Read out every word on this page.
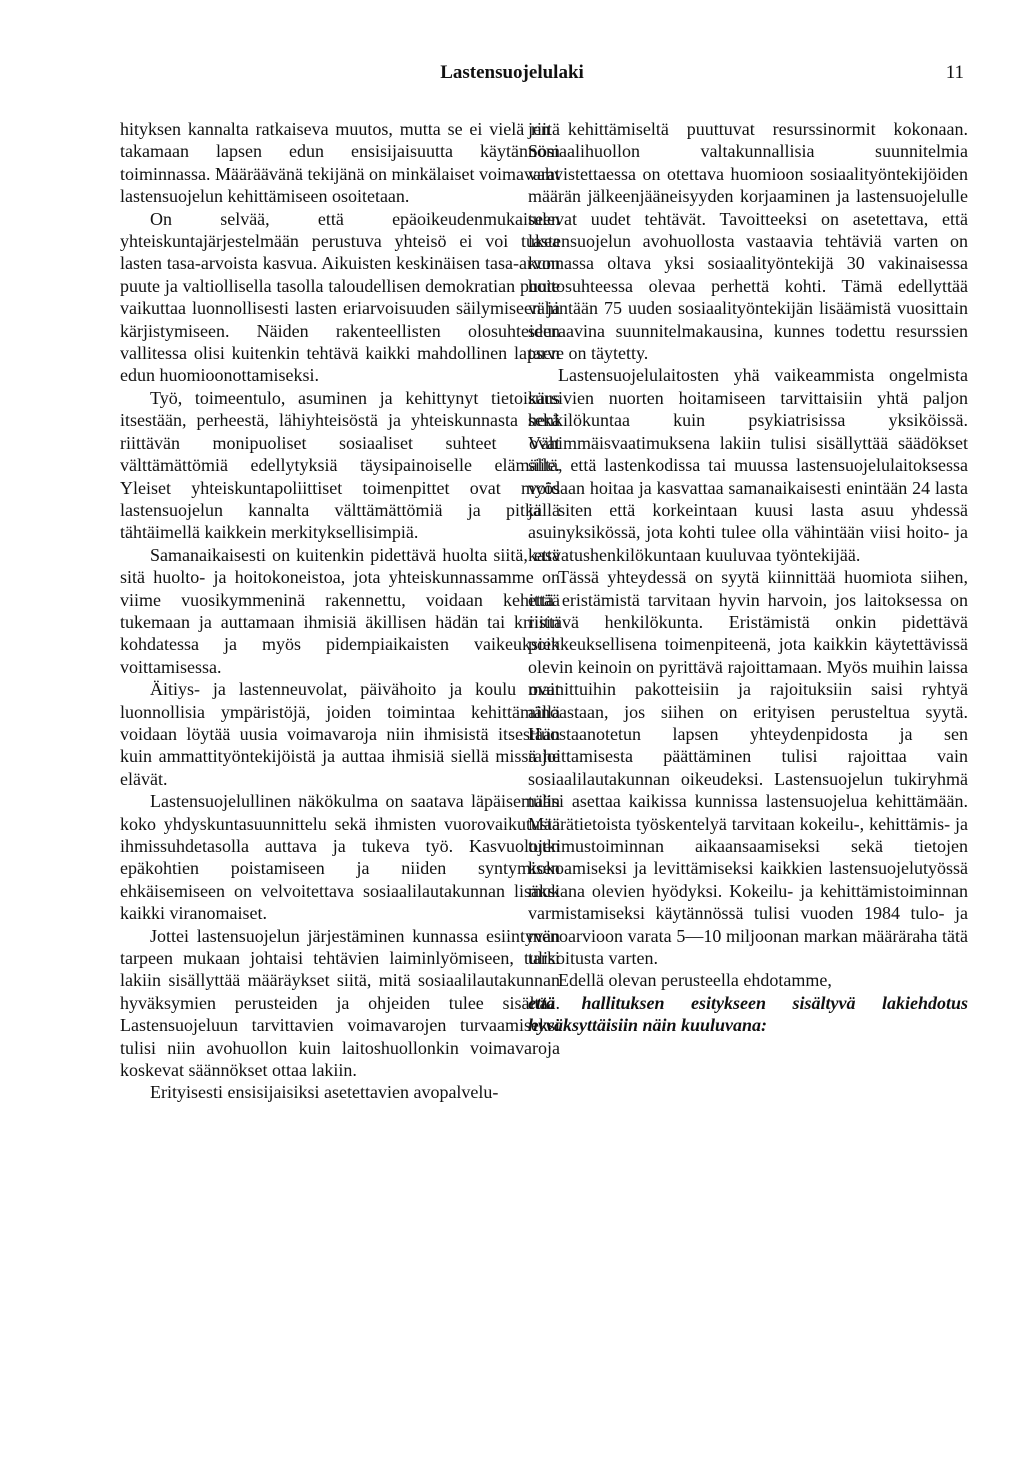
Lastensuojelulaki	11

hityksen kannalta ratkaiseva muutos, mutta se ei vielä riitä takamaan lapsen edun ensisijaisuutta käytännöm toiminnassa. Määräävänä tekijänä on minkälaiset voimavarat lastensuojelun kehittämiseen osoitetaan.

On selvää, että epäoikeudenmukaiseen yhteiskuntajärjestelmään perustuva yhteisö ei voi tukea lasten tasa-arvoista kasvua. Aikuisten keskinäisen tasa-arvon puute ja valtiollisella tasolla taloudellisen demokratian puute vaikuttaa luonnollisesti lasten eriarvoisuuden säilymiseen ja kärjistymiseen. Näiden rakenteellisten olosuhteiden vallitessa olisi kuitenkin tehtävä kaikki mahdollinen lapsen edun huomioonottamiseksi.

Työ, toimeentulo, asuminen ja kehittynyt tietoisuus itsestään, perheestä, lähiyhteisöstä ja yhteiskunnasta sekä riittävän monipuoliset sosiaaliset suhteet ovat välttämättömiä edellytyksiä täysipainoiselle elämälle. Yleiset yhteiskuntapoliittiset toimenpittet ovat myös lastensuojelun kannalta välttämättömiä ja pitkällä tähtäimellä kaikkein merkityksellisimpiä.

Samanaikaisesti on kuitenkin pidettävä huolta siitä, että sitä huolto- ja hoitokoneistoa, jota yhteiskunnassamme on viime vuosikymmeninä rakennettu, voidaan kehittää tukemaan ja auttamaan ihmisiä äkillisen hädän tai kriisin kohdatessa ja myös pidempiaikaisten vaikeuksien voittamisessa.

Äitiys- ja lastenneuvolat, päivähoito ja koulu ovat luonnollisia ympäristöjä, joiden toimintaa kehittämällä voidaan löytää uusia voimavaroja niin ihmisistä itsestään kuin ammattityöntekijöistä ja auttaa ihmisiä siellä missä he elävät.

Lastensuojelullinen näkökulma on saatava läpäisemään koko yhdyskuntasuunnittelu sekä ihmisten vuorovaikutusta ihmissuhdetasolla auttava ja tukeva työ. Kasvuolojen epäkohtien poistamiseen ja niiden syntymisen ehkäisemiseen on velvoitettava sosiaalilautakunnan lisäksi kaikki viranomaiset.

Jottei lastensuojelun järjestäminen kunnassa esiintyvän tarpeen mukaan johtaisi tehtävien laiminlyömiseen, tulisi lakiin sisällyttää määräykset siitä, mitä sosiaalilautakunnan hyväksymien perusteiden ja ohjeiden tulee sisältää. Lastensuojeluun tarvittavien voimavarojen turvaamiseksi tulisi niin avohuollon kuin laitoshuollonkin voimavaroja koskevat säännökset ottaa lakiin.

Erityisesti ensisijaisiksi asetettavien avopalvelu-

jen kehittämiseltä puuttuvat resurssinormit kokonaan. Sosiaalihuollon valtakunnallisia suunnitelmia vahvistettaessa on otettava huomioon sosiaalityöntekijöiden määrän jälkeenjääneisyyden korjaaminen ja lastensuojelulle tulevat uudet tehtävät. Tavoitteeksi on asetettava, että lastensuojelun avohuollosta vastaavia tehtäviä varten on kunnassa oltava yksi sosiaalityöntekijä 30 vakinaisessa hoitosuhteessa olevaa perhettä kohti. Tämä edellyttää vähintään 75 uuden sosiaalityöntekijän lisäämistä vuosittain seuraavina suunnitelmakausina, kunnes todettu resurssien tarve on täytetty.

Lastensuojelulaitosten yhä vaikeammista ongelmista kärsivien nuorten hoitamiseen tarvittaisiin yhtä paljon henkilökuntaa kuin psykiatrisissa yksiköissä. Vähimmäisvaatimuksena lakiin tulisi sisällyttää säädökset siitä, että lastenkodissa tai muussa lastensuojelulaitoksessa voidaan hoitaa ja kasvattaa samanaikaisesti enintään 24 lasta ja siten että korkeintaan kuusi lasta asuu yhdessä asuinyksikössä, jota kohti tulee olla vähintään viisi hoito- ja kasvatushenkilökuntaan kuuluvaa työntekijää.

Tässä yhteydessä on syytä kiinnittää huomiota siihen, että eristämistä tarvitaan hyvin harvoin, jos laitoksessa on riittävä henkilökunta. Eristämistä onkin pidettävä poikkeuksellisena toimenpiteenä, jota kaikkin käytettävissä olevin keinoin on pyrittävä rajoittamaan. Myös muihin laissa mainittuihin pakotteisiin ja rajoituksiin saisi ryhtyä ainoastaan, jos siihen on erityisen perusteltua syytä. Huostaanotetun lapsen yhteydenpidosta ja sen rajoittamisesta päättäminen tulisi rajoittaa vain sosiaalilautakunnan oikeudeksi. Lastensuojelun tukiryhmä tulisi asettaa kaikissa kunnissa lastensuojelua kehittämään. Määrätietoista työskentelyä tarvitaan kokeilu-, kehittämis- ja tutkimustoiminnan aikaansaamiseksi sekä tietojen kokoamiseksi ja levittämiseksi kaikkien lastensuojelutyössä mukana olevien hyödyksi. Kokeilu- ja kehittämistoiminnan varmistamiseksi käytännössä tulisi vuoden 1984 tulo- ja menoarvioon varata 5—10 miljoonan markan määräraha tätä tarkoitusta varten.

Edellä olevan perusteella ehdotamme,

että hallituksen esitykseen sisältyvä lakiehdotus hyväksyttäisiin näin kuuluvana:
